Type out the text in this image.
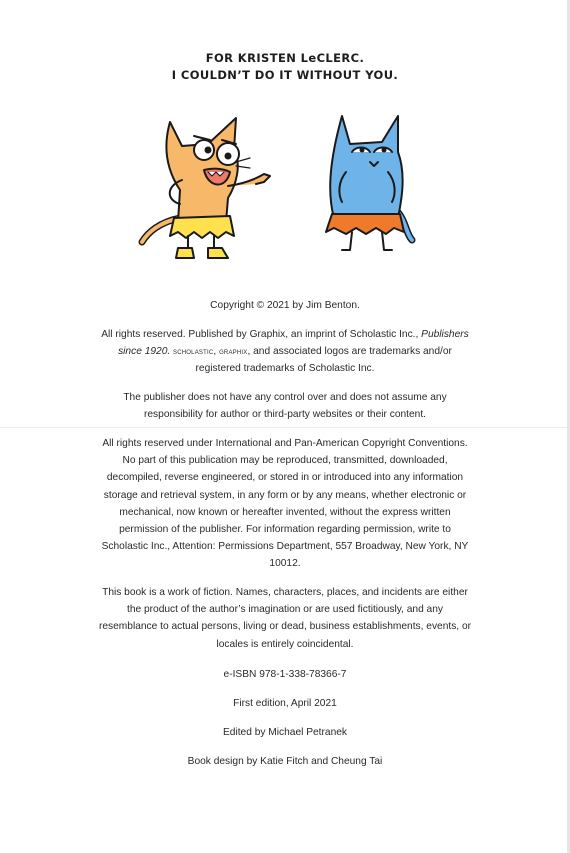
FOR KRISTEN LeCLERC.
I COULDN’T DO IT WITHOUT YOU.

Copyright © 2021 by Jim Benton.

All rights reserved. Published by Graphix, an imprint of Scholastic Inc., Publishers since 1920. scholastic, graphix, and associated logos are trademarks and/or registered trademarks of Scholastic Inc.

The publisher does not have any control over and does not assume any responsibility for author or third-party websites or their content.

All rights reserved under International and Pan-American Copyright Conventions. No part of this publication may be reproduced, transmitted, downloaded, decompiled, reverse engineered, or stored in or introduced into any information storage and retrieval system, in any form or by any means, whether electronic or mechanical, now known or hereafter invented, without the express written permission of the publisher. For information regarding permission, write to Scholastic Inc., Attention: Permissions Department, 557 Broadway, New York, NY 10012.

This book is a work of fiction. Names, characters, places, and incidents are either the product of the author’s imagination or are used fictitiously, and any resemblance to actual persons, living or dead, business establishments, events, or locales is entirely coincidental.

e-ISBN 978-1-338-78366-7

First edition, April 2021

Edited by Michael Petranek

Book design by Katie Fitch and Cheung Tai
